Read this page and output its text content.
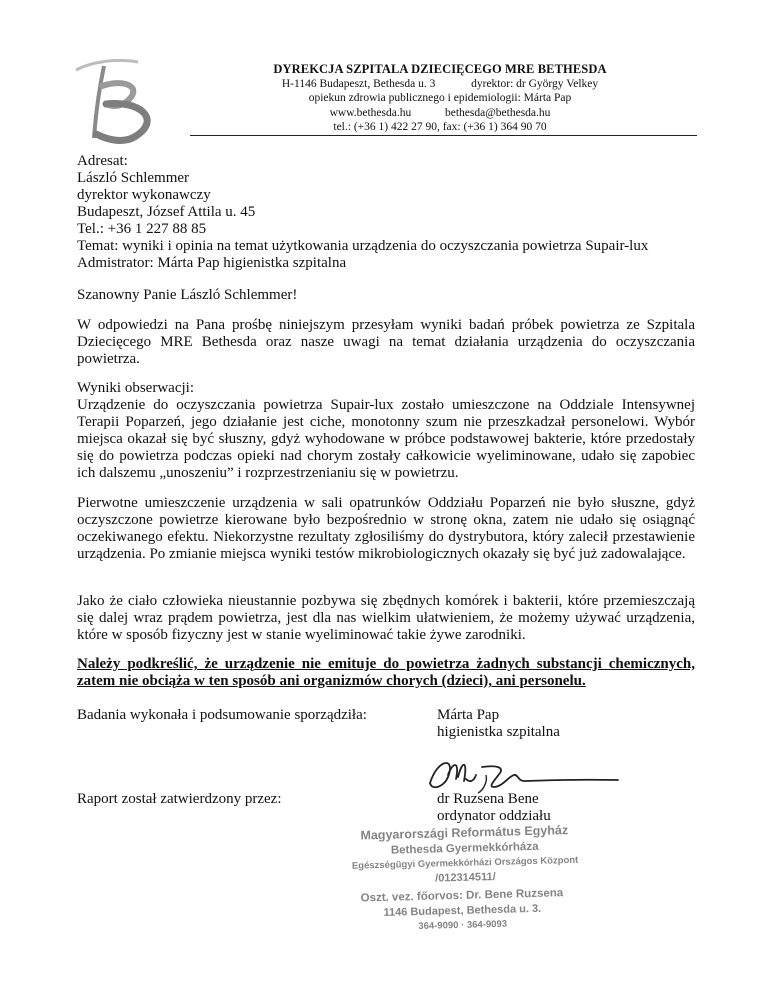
DYREKCJA SZPITALA DZIECIĘCEGO MRE BETHESDA
H-1146 Budapeszt, Bethesda u. 3	dyrektor: dr György Velkey
opiekun zdrowia publicznego i epidemiologii: Márta Pap
www.bethesda.hu	bethesda@bethesda.hu
tel.: (+36 1) 422 27 90, fax: (+36 1) 364 90 70
Adresat:
László Schlemmer
dyrektor wykonawczy
Budapeszt, József Attila u. 45
Tel.: +36 1 227 88 85
Temat: wyniki i opinia na temat użytkowania urządzenia do oczyszczania powietrza Supair-lux
Admistrator: Márta Pap higienistka szpitalna
Szanowny Panie László Schlemmer!
W odpowiedzi na Pana prośbę niniejszym przesyłam wyniki badań próbek powietrza ze Szpitala Dziecięcego MRE Bethesda oraz nasze uwagi na temat działania urządzenia do oczyszczania powietrza.
Wyniki obserwacji:
Urządzenie do oczyszczania powietrza Supair-lux zostało umieszczone na Oddziale Intensywnej Terapii Poparzeń, jego działanie jest ciche, monotonny szum nie przeszkadzał personelowi. Wybór miejsca okazał się być słuszny, gdyż wyhodowane w próbce podstawowej bakterie, które przedostały się do powietrza podczas opieki nad chorym zostały całkowicie wyeliminowane, udało się zapobiec ich dalszemu „unoszeniu” i rozprzestrzenianiu się w powietrzu.
Pierwotne umieszczenie urządzenia w sali opatrunków Oddziału Poparzeń nie było słuszne, gdyż oczyszczone powietrze kierowane było bezpośrednio w stronę okna, zatem nie udało się osiągnąć oczekiwanego efektu. Niekorzystne rezultaty zgłosiliśmy do dystrybutora, który zalecił przestawienie urządzenia. Po zmianie miejsca wyniki testów mikrobiologicznych okazały się być już zadowalające.
Jako że ciało człowieka nieustannie pozbywa się zbędnych komórek i bakterii, które przemieszczają się dalej wraz prądem powietrza, jest dla nas wielkim ułatwieniem, że możemy używać urządzenia, które w sposób fizyczny jest w stanie wyeliminować takie żywe zarodniki.
Należy podkreślić, że urządzenie nie emituje do powietrza żadnych substancji chemicznych, zatem nie obciąża w ten sposób ani organizmów chorych (dzieci), ani personelu.
Badania wykonała i podsumowanie sporządziła:	Márta Pap
higienistka szpitalna
Raport został zatwierdzony przez:	dr Ruzsena Bene
ordynator oddziału
Magyarországi Református Egyház
Bethesda Gyermekkórháza
Egészségügyi Gyermekkórházi Országos Központ
/012314511/
Oszt. vez. főorvos: Dr. Bene Ruzsena
1146 Budapest, Bethesda u. 3.
364-9090 · 364-9093
